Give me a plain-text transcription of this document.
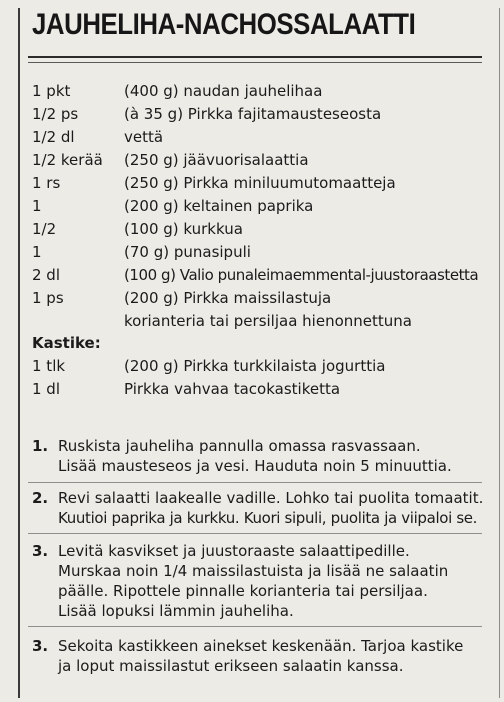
JAUHELIHA-NACHOSSALAATTI
1 pkt	(400 g) naudan jauhelihaa
1/2 ps	(à 35 g) Pirkka fajitamausteseosta
1/2 dl	vettä
1/2 kerää (250 g) jäävuorisalaattia
1 rs	(250 g) Pirkka miniluumutomaatteja
1	(200 g) keltainen paprika
1/2	(100 g) kurkkua
1	(70 g) punasipuli
2 dl	(100 g) Valio punaleimaemmental-juustoraastetta
1 ps	(200 g) Pirkka maissilastuja
korianteria tai persiljaa hienonnettuna
Kastike:
1 tlk	(200 g) Pirkka turkkilaista jogurttia
1 dl	Pirkka vahvaa tacokastiketta
1. Ruskista jauheliha pannulla omassa rasvassaan.
Lisää mausteseos ja vesi. Hauduta noin 5 minuuttia.
2. Revi salaatti laakealle vadille. Lohko tai puolita tomaatit.
Kuutioi paprika ja kurkku. Kuori sipuli, puolita ja viipaloi se.
3. Levitä kasvikset ja juustoraaste salaattipedille.
Murskaa noin 1/4 maissilastuista ja lisää ne salaatin
päälle. Ripottele pinnalle korianteria tai persiljaa.
Lisää lopuksi lämmin jauheliha.
3. Sekoita kastikkeen ainekset keskenään. Tarjoa kastike
ja loput maissilastut erikseen salaatin kanssa.
